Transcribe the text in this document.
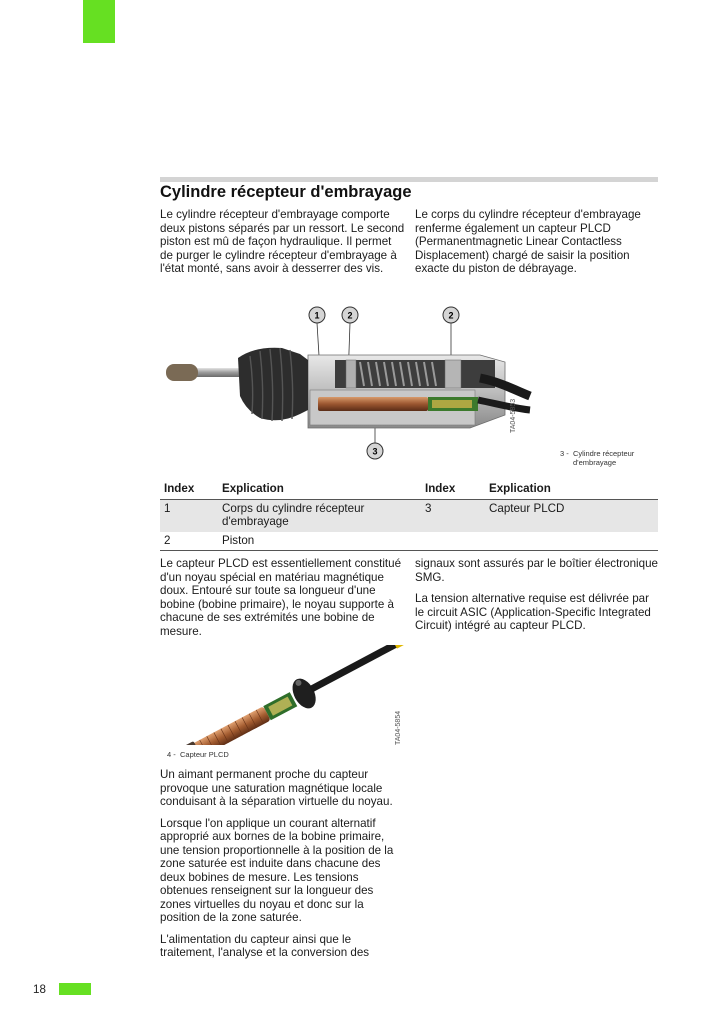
Cylindre récepteur d'embrayage

Le cylindre récepteur d'embrayage comporte deux pistons séparés par un ressort. Le second piston est mû de façon hydraulique. Il permet de purger le cylindre récepteur d'embrayage à l'état monté, sans avoir à desserrer des vis.

Le corps du cylindre récepteur d'embrayage renferme également un capteur PLCD (Permanentmagnetic Linear Contactless Displacement) chargé de saisir la position exacte du piston de débrayage.

1	2	2
3
TA04-5853
3 - Cylindre récepteur d'embrayage
Index	Explication	Index	Explication
1	Corps du cylindre récepteur d'embrayage	3	Capteur PLCD
2	Piston		

Le capteur PLCD est essentiellement constitué d'un noyau spécial en matériau magnétique doux. Entouré sur toute sa longueur d'une bobine (bobine primaire), le noyau supporte à chacune de ses extrémités une bobine de mesure.

Un aimant permanent proche du capteur provoque une saturation magnétique locale conduisant à la séparation virtuelle du noyau.

Lorsque l'on applique un courant alternatif approprié aux bornes de la bobine primaire, une tension proportionnelle à la position de la zone saturée est induite dans chacune des deux bobines de mesure. Les tensions obtenues renseignent sur la longueur des zones virtuelles du noyau et donc sur la position de la zone saturée.

L'alimentation du capteur ainsi que le traitement, l'analyse et la conversion des

signaux sont assurés par le boîtier électronique SMG.

La tension alternative requise est délivrée par le circuit ASIC (Application-Specific Integrated Circuit) intégré au capteur PLCD.

TA04-5854
4 - Capteur PLCD
18
